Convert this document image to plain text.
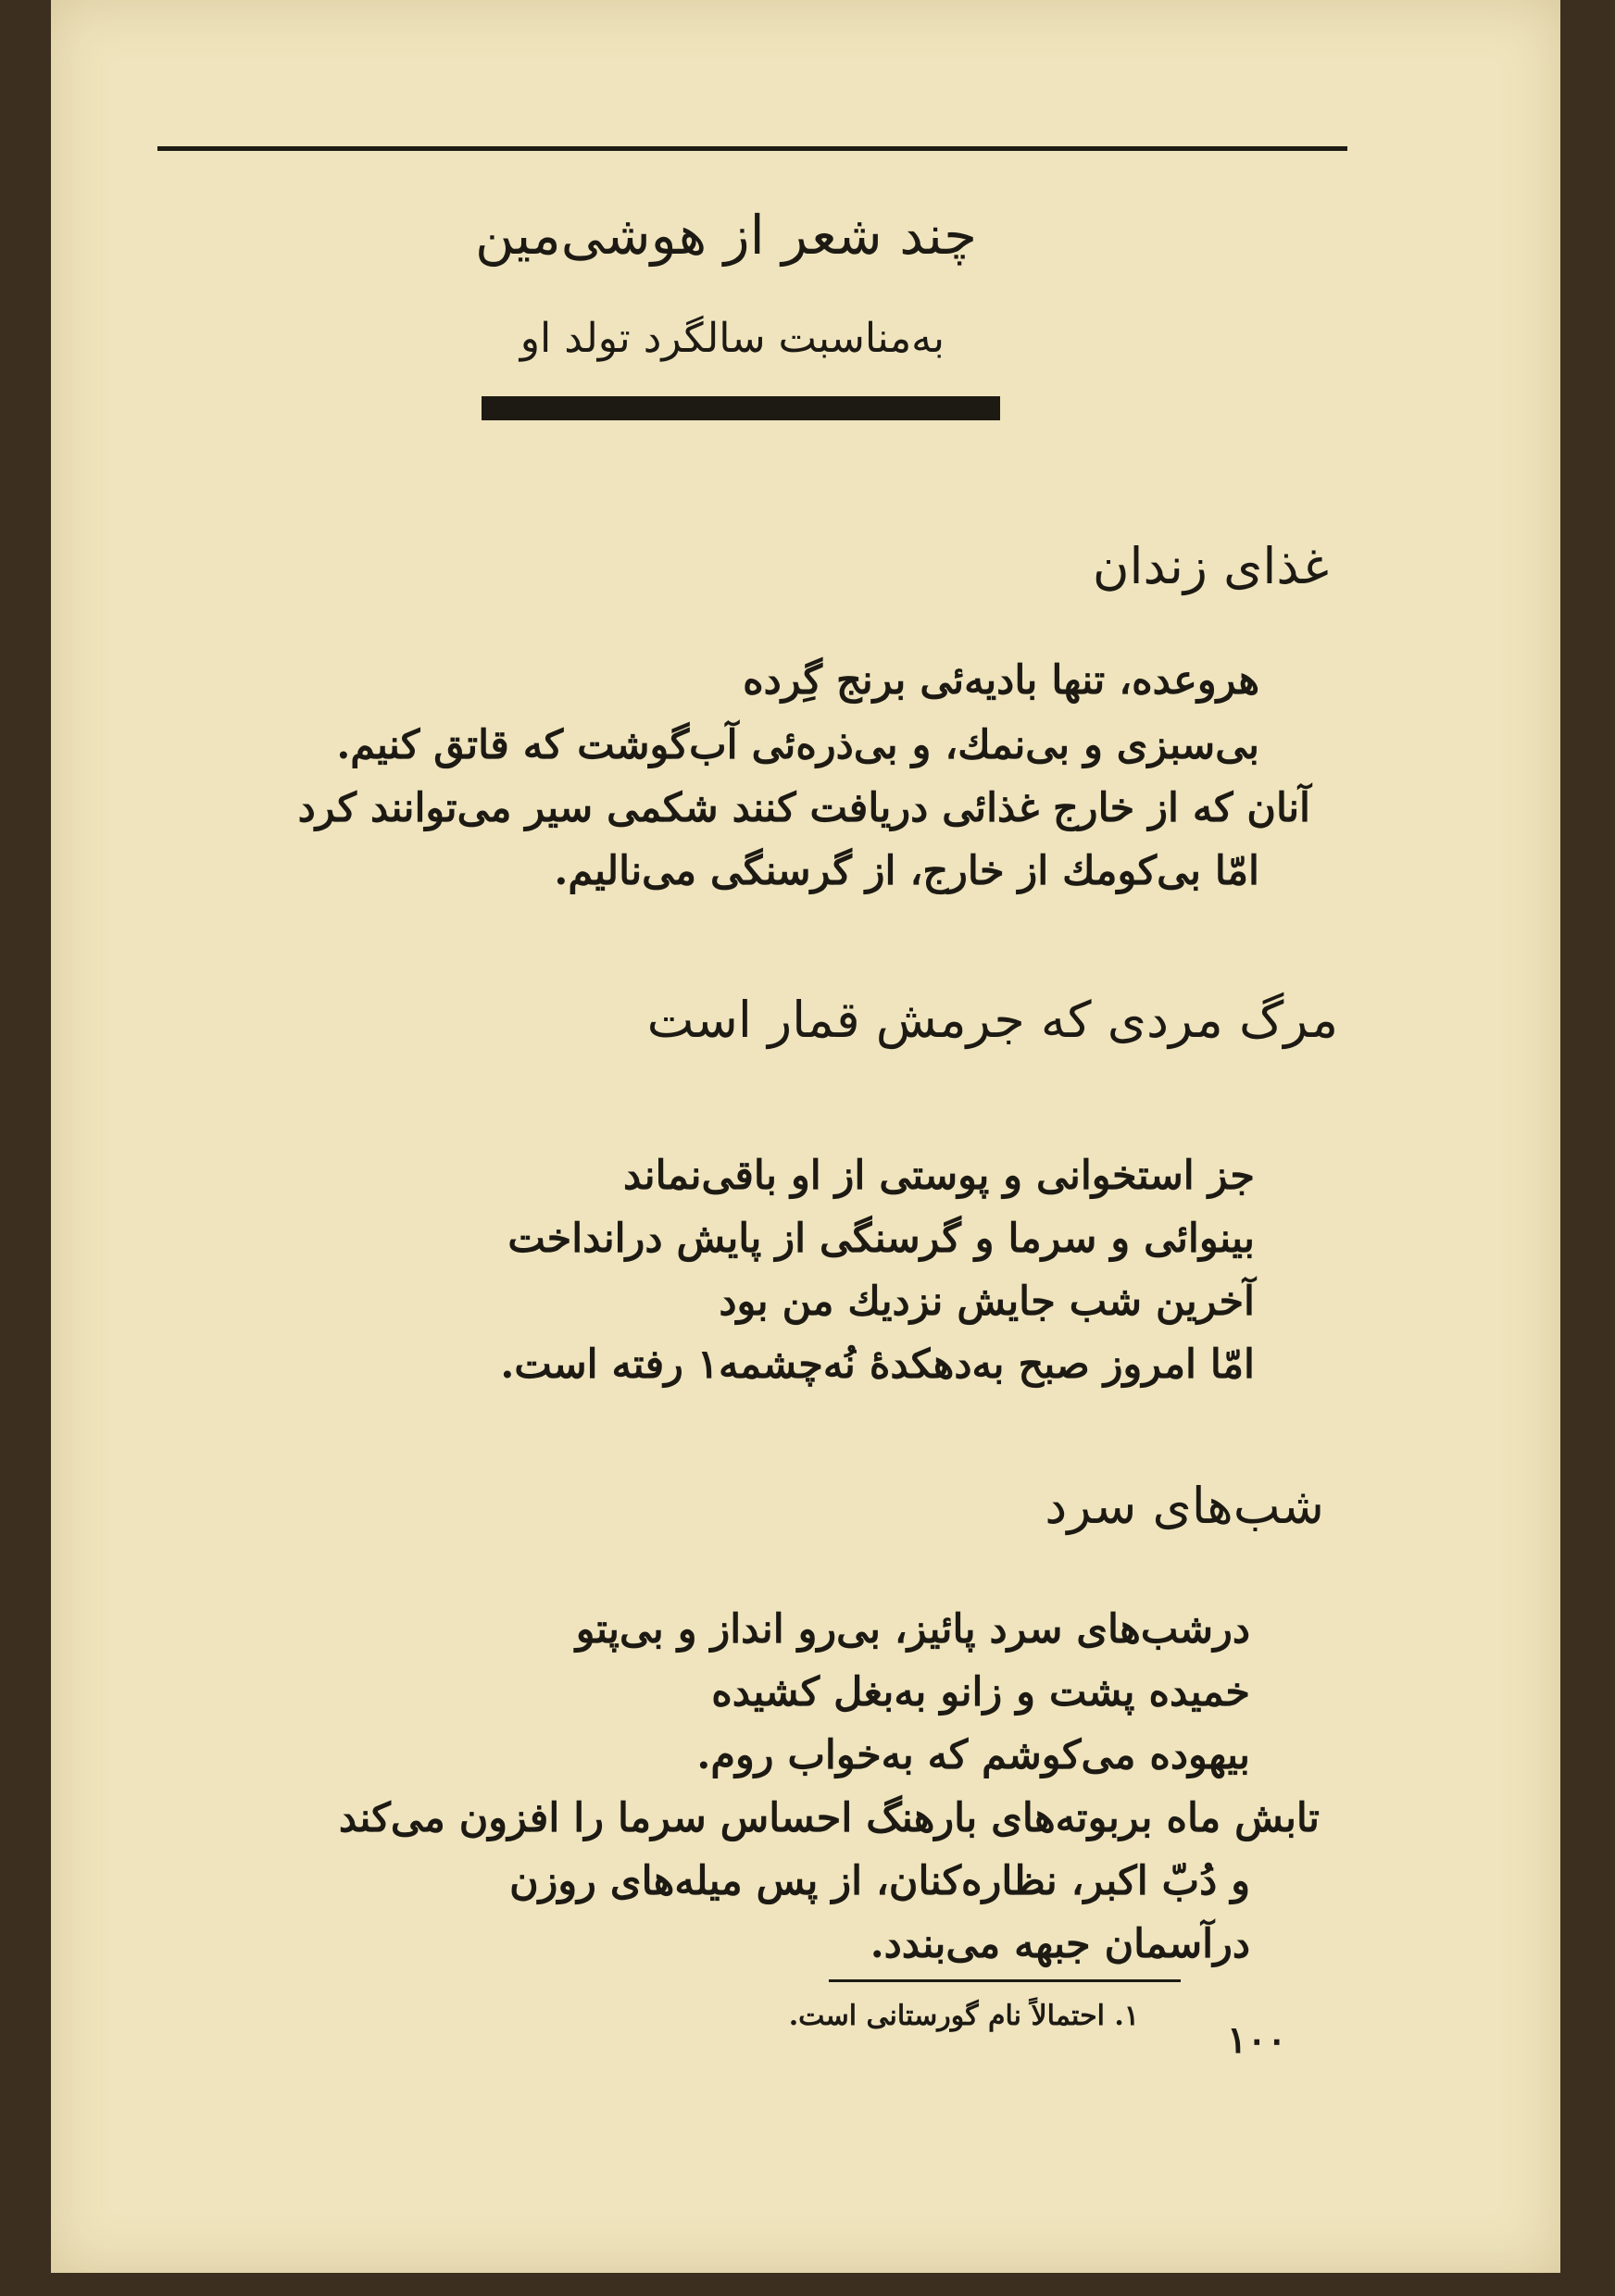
چند شعر از هوشی‌مین
به‌مناسبت سالگرد تولد او
غذای زندان
هروعده، تنها بادیه‌ئی برنج گِرده
بی‌سبزی و بی‌نمك، و بی‌ذره‌ئی آب‌گوشت كه قاتق كنیم.
آنان كه از خارج غذائی دریافت كنند شكمی سیر می‌توانند كرد
امّا بی‌كومك از خارج، از گرسنگی می‌نالیم.
مرگ مردی كه جرمش قمار است
جز استخوانی و پوستی از او باقی‌نماند
بینوائی و سرما و گرسنگی از پایش درانداخت
آخرین شب جایش نزدیك من بود
امّا امروز صبح به‌دهكدهٔ نُه‌چشمه۱ رفته است.
شب‌های سرد
درشب‌های سرد پائیز، بی‌رو انداز و بی‌پتو
خمیده پشت و زانو به‌بغل كشیده
بیهوده می‌كوشم كه به‌خواب روم.
تابش ماه بربوته‌های بارهنگ احساس سرما را افزون می‌كند
و دُبّ اكبر، نظاره‌كنان، از پس میله‌های روزن
درآسمان جبهه می‌بندد.
۱. احتمالاً نام گورستانی است.
۱۰۰
